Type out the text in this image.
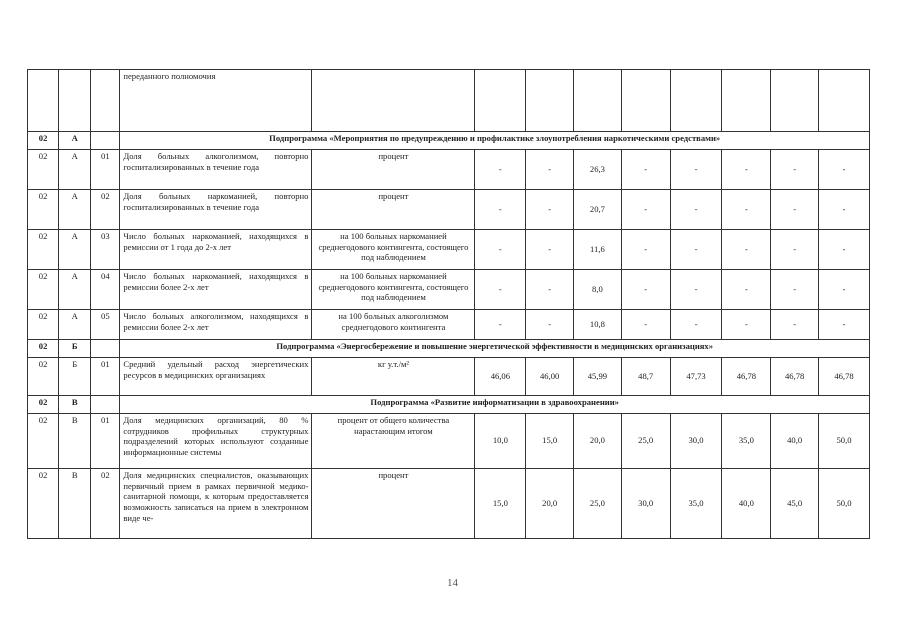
			переданного полномочия									
02	А		Подпрограмма «Мероприятия по предупреждению и профилактике злоупотребления наркотическими средствами»									
02	А	01	Доля больных алкоголизмом, повторно госпитализированных в течение года	процент	-	-	26,3	-	-	-	-	-
02	А	02	Доля больных наркоманией, повторно госпитализированных в течение года	процент	-	-	20,7	-	-	-	-	-
02	А	03	Число больных наркоманией, находящихся в ремиссии от 1 года до 2-х лет	на 100 больных наркоманией среднегодового контингента, состоящего под наблюдением	-	-	11,6	-	-	-	-	-
02	А	04	Число больных наркоманией, находящихся в ремиссии более 2-х лет	на 100 больных наркоманией среднегодового контингента, состоящего под наблюдением	-	-	8,0	-	-	-	-	-
02	А	05	Число больных алкоголизмом, находящихся в ремиссии более 2-х лет	на 100 больных алкоголизмом среднегодового контингента	-	-	10,8	-	-	-	-	-
02	Б		Подпрограмма «Энергосбережение и повышение энергетической эффективности в медицинских организациях»									
02	Б	01	Средний удельный расход энергетических ресурсов в медицинских организациях	кг у.т./м²	46,06	46,00	45,99	48,7	47,73	46,78	46,78	46,78
02	В		Подпрограмма «Развитие информатизации в здравоохранении»									
02	В	01	Доля медицинских организаций, 80 % сотрудников профильных структурных подразделений которых используют созданные информационные системы	процент от общего количества нарастающим итогом	10,0	15,0	20,0	25,0	30,0	35,0	40,0	50,0
02	В	02	Доля медицинских специалистов, оказывающих первичный прием в рамках первичной медико-санитарной помощи, к которым предоставляется возможность записаться на прием в электронном виде че-	процент	15,0	20,0	25,0	30,0	35,0	40,0	45,0	50,0
14
